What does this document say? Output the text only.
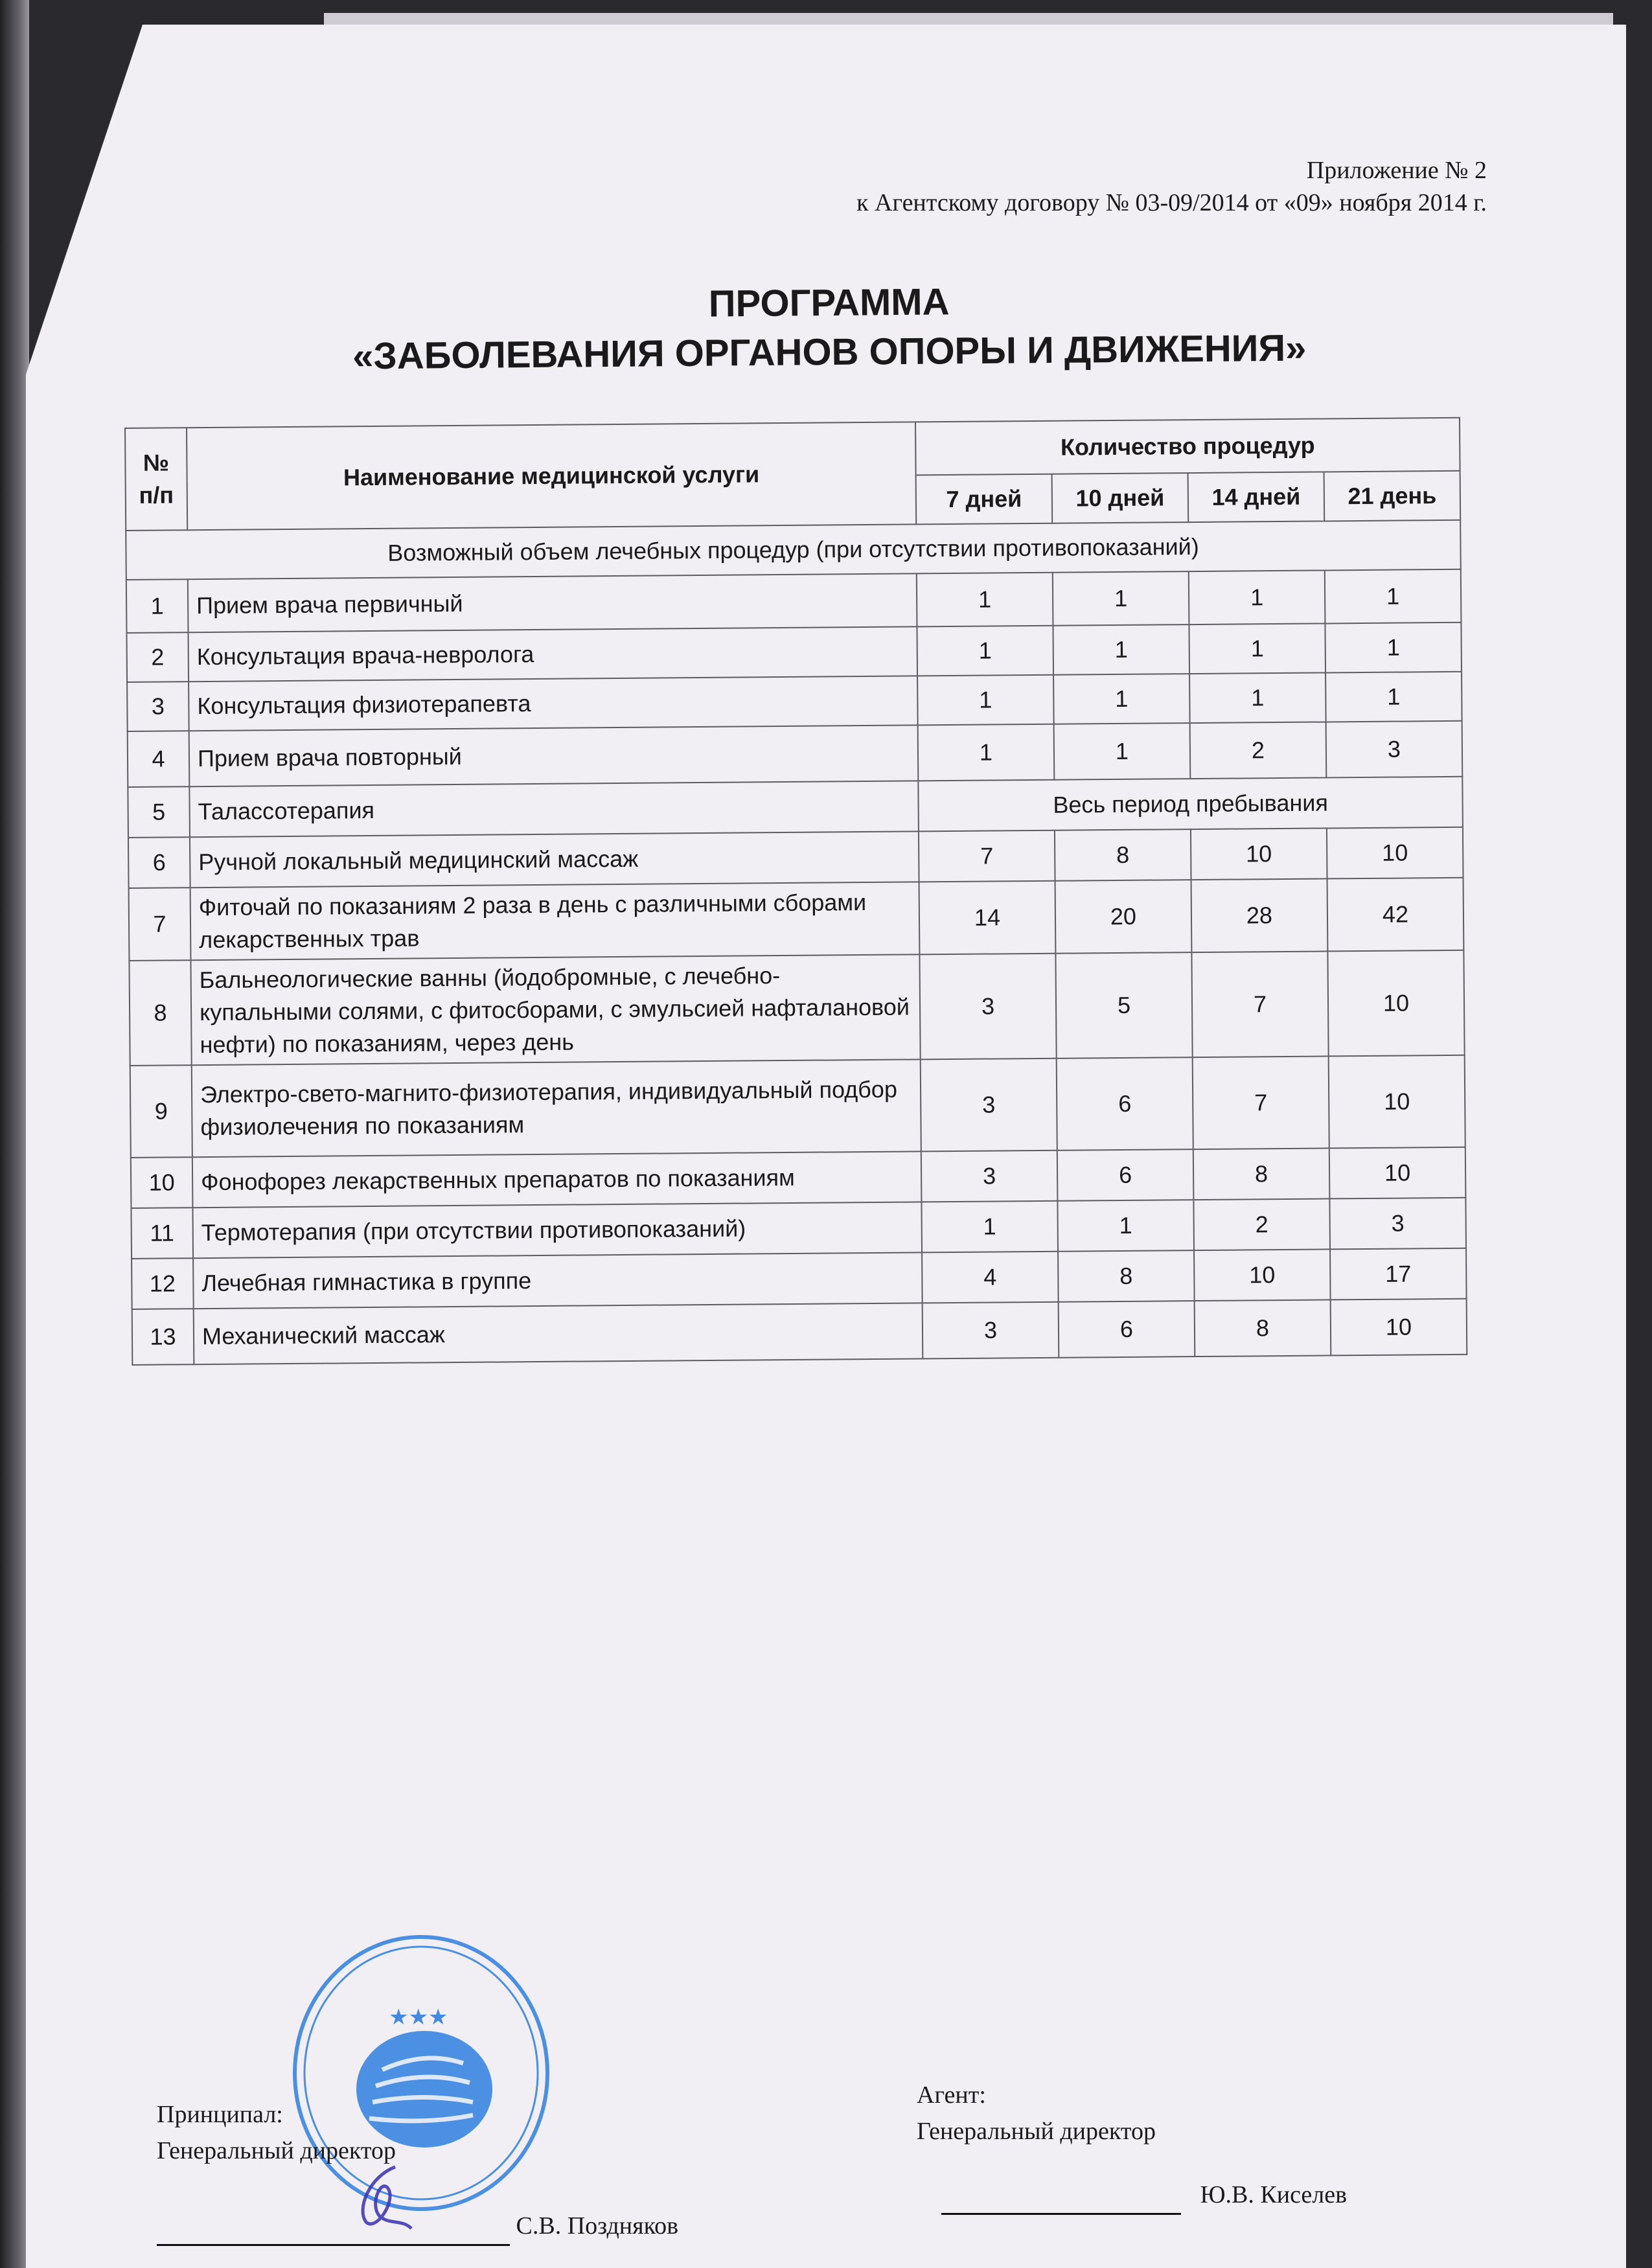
Приложение № 2
к Агентскому договору № 03-09/2014 от «09» ноября 2014 г.
ПРОГРАММА
«ЗАБОЛЕВАНИЯ ОРГАНОВ ОПОРЫ И ДВИЖЕНИЯ»
№ п/п	Наименование медицинской услуги	Количество процедур			
		7 дней	10 дней	14 дней	21 день
Возможный объем лечебных процедур (при отсутствии противопоказаний)					
1	Прием врача первичный	1	1	1	1
2	Консультация врача-невролога	1	1	1	1
3	Консультация физиотерапевта	1	1	1	1
4	Прием врача повторный	1	1	2	3
5	Талассотерапия	Весь период пребывания			
6	Ручной локальный медицинский массаж	7	8	10	10
7	Фиточай по показаниям 2 раза в день с различными сборами лекарственных трав	14	20	28	42
8	Бальнеологические ванны (йодобромные, с лечебно-купальными солями, с фитосборами, с эмульсией нафталановой нефти) по показаниям, через день	3	5	7	10
9	Электро-свето-магнито-физиотерапия, индивидуальный подбор физиолечения по показаниям	3	6	7	10
10	Фонофорез лекарственных препаратов по показаниям	3	6	8	10
11	Термотерапия (при отсутствии противопоказаний)	1	1	2	3
12	Лечебная гимнастика в группе	4	8	10	17
13	Механический массаж	3	6	8	10
★★★
Принципал:
Генеральный директор
С.В. Поздняков
Агент:
Генеральный директор
Ю.В. Киселев
